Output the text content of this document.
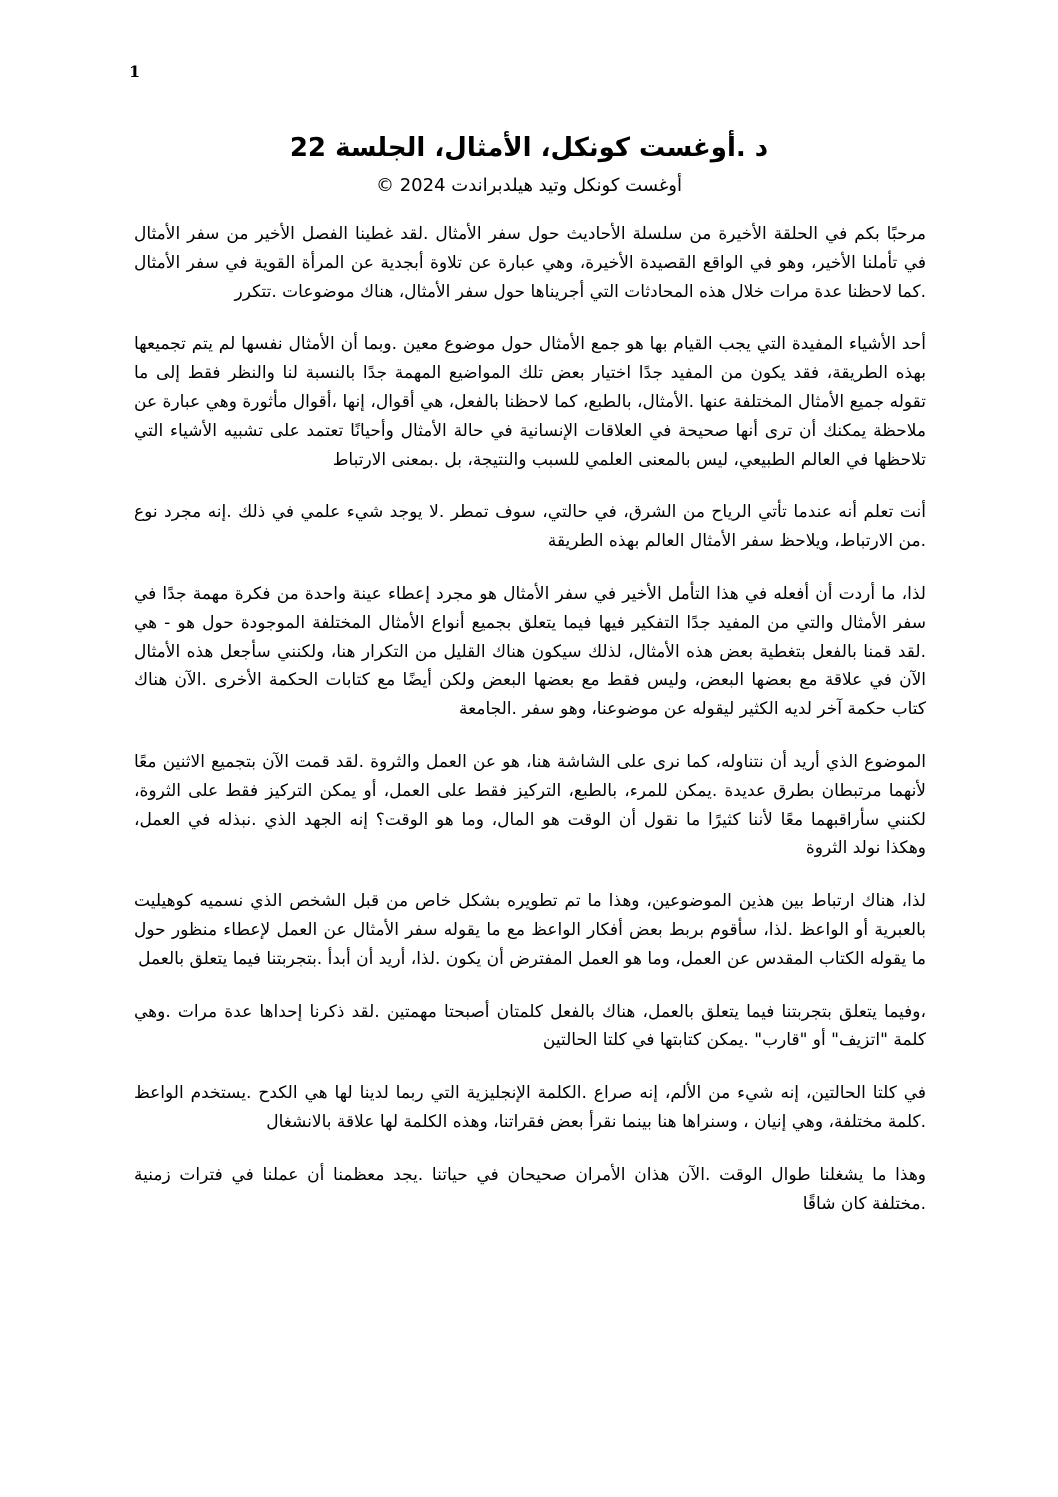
1
د .أوغست كونكل، الأمثال، الجلسة 22

أوغست كونكل وتيد هيلدبراندت 2024 ©

مرحبًا بكم في الحلقة الأخيرة من سلسلة الأحاديث حول سفر الأمثال .لقد غطينا الفصل الأخير من سفر الأمثال في تأملنا الأخير، وهو في الواقع القصيدة الأخيرة، وهي عبارة عن تلاوة أبجدية عن المرأة القوية في سفر الأمثال .كما لاحظنا عدة مرات خلال هذه المحادثات التي أجريناها حول سفر الأمثال، هناك موضوعات .تتكرر

أحد الأشياء المفيدة التي يجب القيام بها هو جمع الأمثال حول موضوع معين .وبما أن الأمثال نفسها لم يتم تجميعها بهذه الطريقة، فقد يكون من المفيد جدًا اختيار بعض تلك المواضيع المهمة جدًا بالنسبة لنا والنظر فقط إلى ما تقوله جميع الأمثال المختلفة عنها .الأمثال، بالطبع، كما لاحظنا بالفعل، هي أقوال، إنها ،أقوال مأثورة وهي عبارة عن ملاحظة يمكنك أن ترى أنها صحيحة في العلاقات الإنسانية في حالة الأمثال وأحيانًا تعتمد على تشبيه الأشياء التي تلاحظها في العالم الطبيعي، ليس بالمعنى العلمي للسبب والنتيجة، بل .بمعنى الارتباط

أنت تعلم أنه عندما تأتي الرياح من الشرق، في حالتي، سوف تمطر .لا يوجد شيء علمي في ذلك .إنه مجرد نوع .من الارتباط، ويلاحظ سفر الأمثال العالم بهذه الطريقة

لذا، ما أردت أن أفعله في هذا التأمل الأخير في سفر الأمثال هو مجرد إعطاء عينة واحدة من فكرة مهمة جدًا في سفر الأمثال والتي من المفيد جدًا التفكير فيها فيما يتعلق بجميع أنواع الأمثال المختلفة الموجودة حول هو - هي .لقد قمنا بالفعل بتغطية بعض هذه الأمثال، لذلك سيكون هناك القليل من التكرار هنا، ولكنني سأجعل هذه الأمثال الآن في علاقة مع بعضها البعض، وليس فقط مع بعضها البعض ولكن أيضًا مع كتابات الحكمة الأخرى .الآن هناك كتاب حكمة آخر لديه الكثير ليقوله عن موضوعنا، وهو سفر .الجامعة

الموضوع الذي أريد أن نتناوله، كما نرى على الشاشة هنا، هو عن العمل والثروة .لقد قمت الآن بتجميع الاثنين معًا لأنهما مرتبطان بطرق عديدة .يمكن للمرء، بالطبع، التركيز فقط على العمل، أو يمكن التركيز فقط على الثروة، لكنني سأراقبهما معًا لأننا كثيرًا ما نقول أن الوقت هو المال، وما هو الوقت؟ إنه الجهد الذي .نبذله في العمل، وهكذا نولد الثروة

لذا، هناك ارتباط بين هذين الموضوعين، وهذا ما تم تطويره بشكل خاص من قبل الشخص الذي نسميه كوهيليت بالعبرية أو الواعظ .لذا، سأقوم بربط بعض أفكار الواعظ مع ما يقوله سفر الأمثال عن العمل لإعطاء منظور حول ما يقوله الكتاب المقدس عن العمل، وما هو العمل المفترض أن يكون .لذا، أريد أن أبدأ .بتجربتنا فيما يتعلق بالعمل

،وفيما يتعلق بتجربتنا فيما يتعلق بالعمل، هناك بالفعل كلمتان أصبحتا مهمتين .لقد ذكرنا إحداها عدة مرات .وهي كلمة "اتزيف" أو "قارب" .يمكن كتابتها في كلتا الحالتين

في كلتا الحالتين، إنه شيء من الألم، إنه صراع .الكلمة الإنجليزية التي ربما لدينا لها هي الكدح .يستخدم الواعظ .كلمة مختلفة، وهي إنيان ، وسنراها هنا بينما نقرأ بعض فقراتنا، وهذه الكلمة لها علاقة بالانشغال

وهذا ما يشغلنا طوال الوقت .الآن هذان الأمران صحيحان في حياتنا .يجد معظمنا أن عملنا في فترات زمنية .مختلفة كان شاقًا
